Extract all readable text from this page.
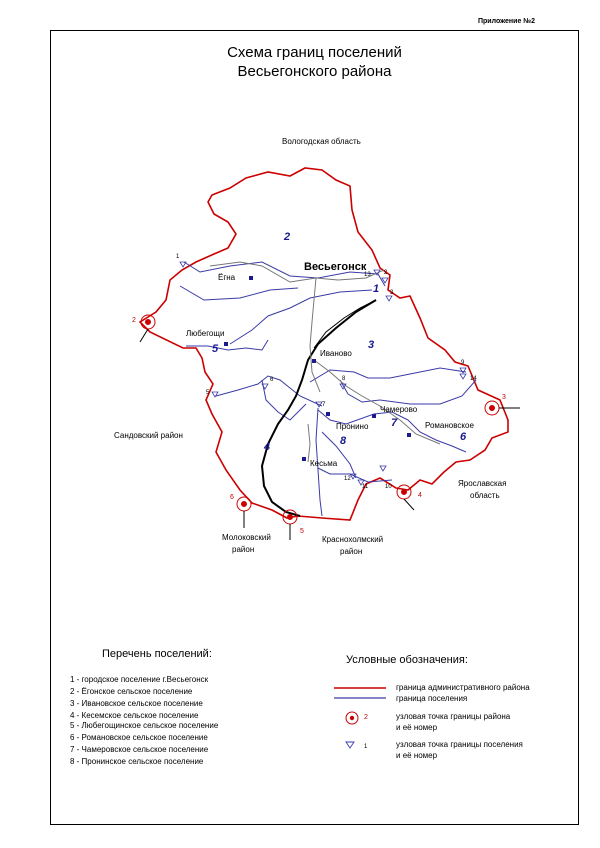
Приложение №2
Схема границ поселений
Весьегонского района
Вологодская область
Сандовский район
Ярославская
область
Молоковский
район
Краснохолмский
район
Весьегонск
Ёгна
Любегощи
Иваново
Чамерово
Пронино	Романовское
Кесьма
1
2
3
4
5
6
7
8
2
3
4
5
6
1
2
3
5
6
7
8
9
10
11
12
13
14
Перечень поселений:
1 - городское поселение г.Весьегонск
2 - Ёгонское сельское поселение
3 - Ивановское сельское поселение
4 - Кесемское сельское поселение
5 - Любегощинское сельское поселение
6 - Романовское сельское поселение
7 - Чамеровское сельское поселение
8 - Пронинское сельское поселение
Условные обозначения:
граница административного района
граница поселения
2	узловая точка границы района
и её номер
1	узловая точка границы поселения
и её номер
